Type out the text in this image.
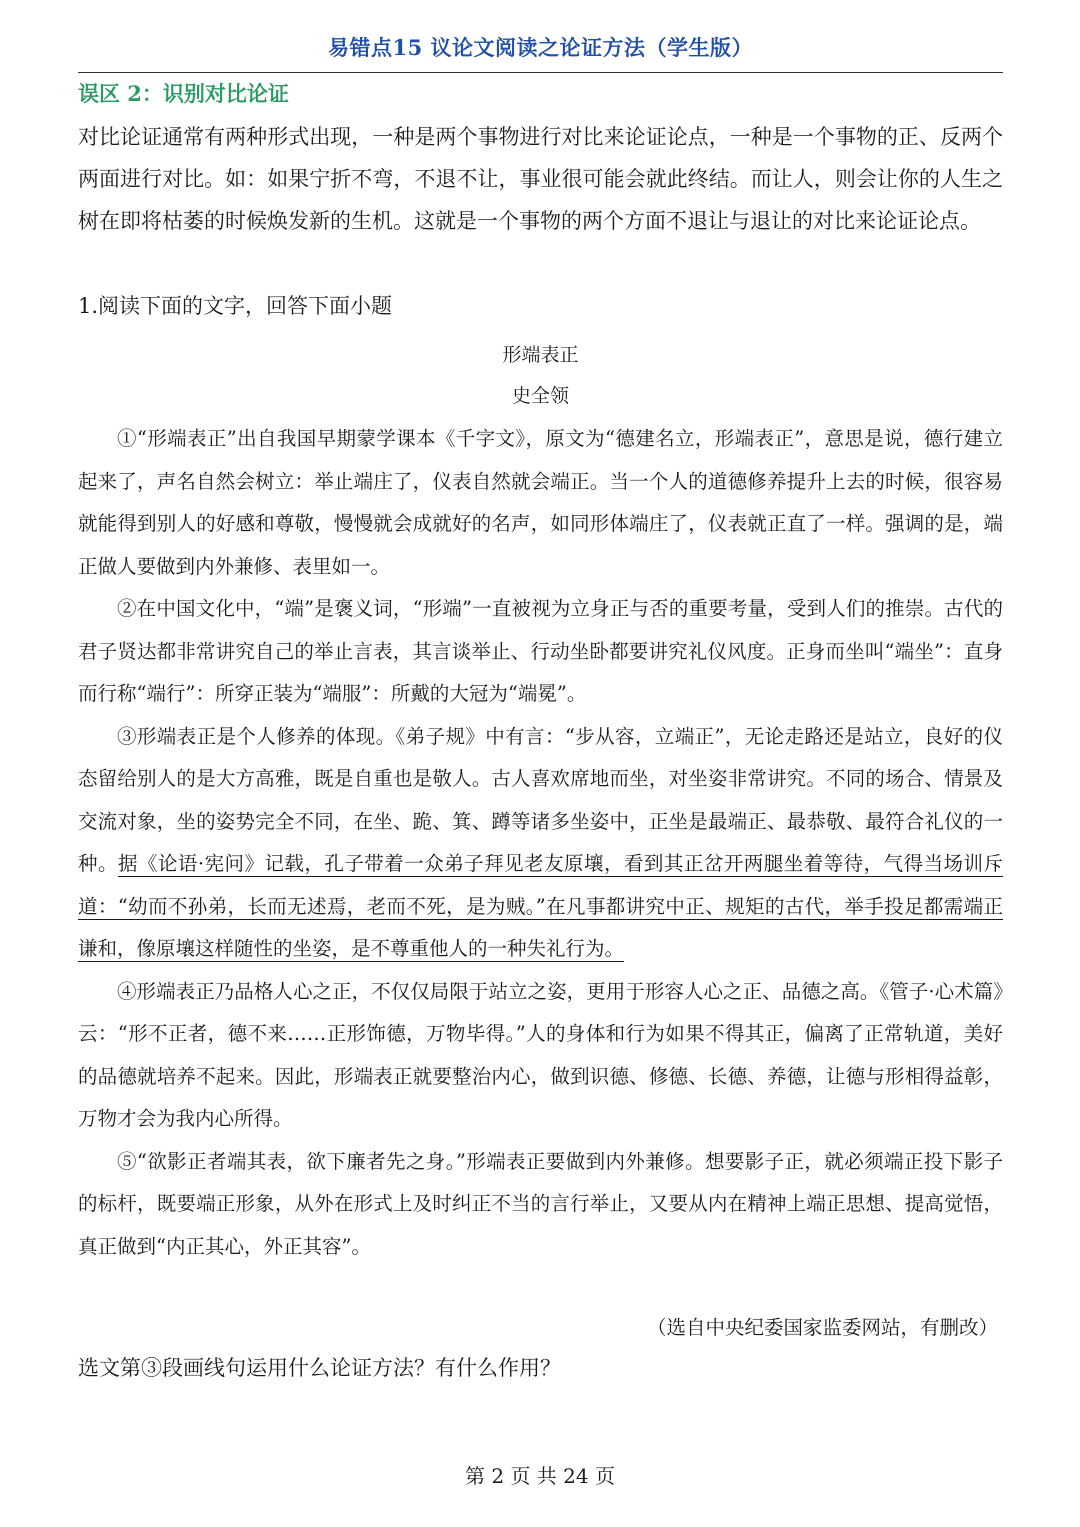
易错点15 议论文阅读之论证方法（学生版）
误区 2：识别对比论证
对比论证通常有两种形式出现，一种是两个事物进行对比来论证论点，一种是一个事物的正、反两个两面进行对比。如：如果宁折不弯，不退不让，事业很可能会就此终结。而让人，则会让你的人生之树在即将枯萎的时候焕发新的生机。这就是一个事物的两个方面不退让与退让的对比来论证论点。
1.阅读下面的文字，回答下面小题
形端表正
史全领

①“形端表正”出自我国早期蒙学课本《千字文》，原文为“德建名立，形端表正”，意思是说，德行建立起来了，声名自然会树立：举止端庄了，仪表自然就会端正。当一个人的道德修养提升上去的时候，很容易就能得到别人的好感和尊敬，慢慢就会成就好的名声，如同形体端庄了，仪表就正直了一样。强调的是，端正做人要做到内外兼修、表里如一。

②在中国文化中，“端”是褒义词，“形端”一直被视为立身正与否的重要考量，受到人们的推崇。古代的君子贤达都非常讲究自己的举止言表，其言谈举止、行动坐卧都要讲究礼仪风度。正身而坐叫“端坐”：直身而行称“端行”：所穿正装为“端服”：所戴的大冠为“端冕”。

③形端表正是个人修养的体现。《弟子规》中有言：“步从容，立端正”，无论走路还是站立，良好的仪态留给别人的是大方高雅，既是自重也是敬人。古人喜欢席地而坐，对坐姿非常讲究。不同的场合、情景及交流对象，坐的姿势完全不同，在坐、跪、箕、蹲等诸多坐姿中，正坐是最端正、最恭敬、最符合礼仪的一种。据《论语·宪问》记载，孔子带着一众弟子拜见老友原壤，看到其正岔开两腿坐着等待，气得当场训斥道：“幼而不孙弟，长而无述焉，老而不死，是为贼。”在凡事都讲究中正、规矩的古代，举手投足都需端正谦和，像原壤这样随性的坐姿，是不尊重他人的一种失礼行为。

④形端表正乃品格人心之正，不仅仅局限于站立之姿，更用于形容人心之正、品德之高。《管子·心术篇》云：“形不正者，德不来……正形饰德，万物毕得。”人的身体和行为如果不得其正，偏离了正常轨道，美好的品德就培养不起来。因此，形端表正就要整治内心，做到识德、修德、长德、养德，让德与形相得益彰，万物才会为我内心所得。

⑤“欲影正者端其表，欲下廉者先之身。”形端表正要做到内外兼修。想要影子正，就必须端正投下影子的标杆，既要端正形象，从外在形式上及时纠正不当的言行举止，又要从内在精神上端正思想、提高觉悟，真正做到“内正其心，外正其容”。

（选自中央纪委国家监委网站，有删改）
选文第③段画线句运用什么论证方法？有什么作用？
第 2 页 共 24 页
